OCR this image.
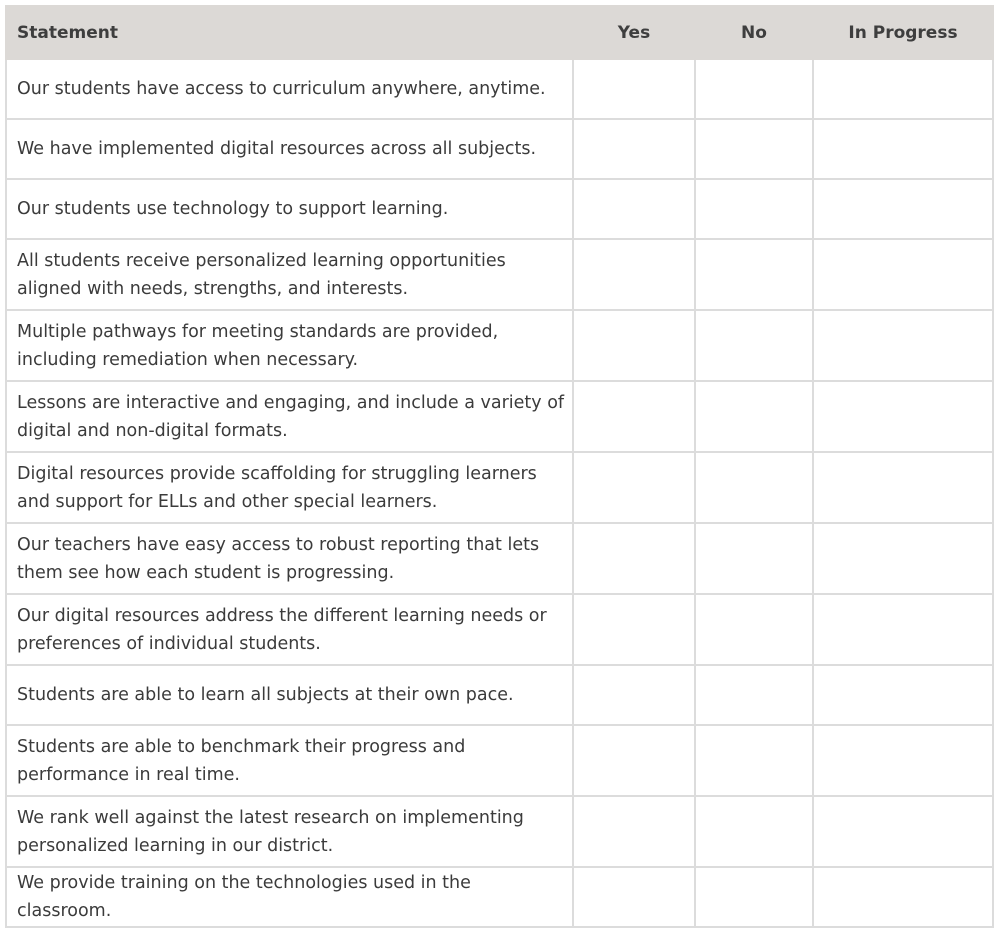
Statement	Yes	No	In Progress
Our students have access to curriculum anywhere, anytime.			
We have implemented digital resources across all subjects.			
Our students use technology to support learning.			
All students receive personalized learning opportunities aligned with needs, strengths, and interests.			
Multiple pathways for meeting standards are provided, including remediation when necessary.			
Lessons are interactive and engaging, and include a variety of digital and non-digital formats.			
Digital resources provide scaffolding for struggling learners and support for ELLs and other special learners.			
Our teachers have easy access to robust reporting that lets them see how each student is progressing.			
Our digital resources address the different learning needs or preferences of individual students.			
Students are able to learn all subjects at their own pace.			
Students are able to benchmark their progress and performance in real time.			
We rank well against the latest research on implementing personalized learning in our district.			
We provide training on the technologies used in the classroom.			
